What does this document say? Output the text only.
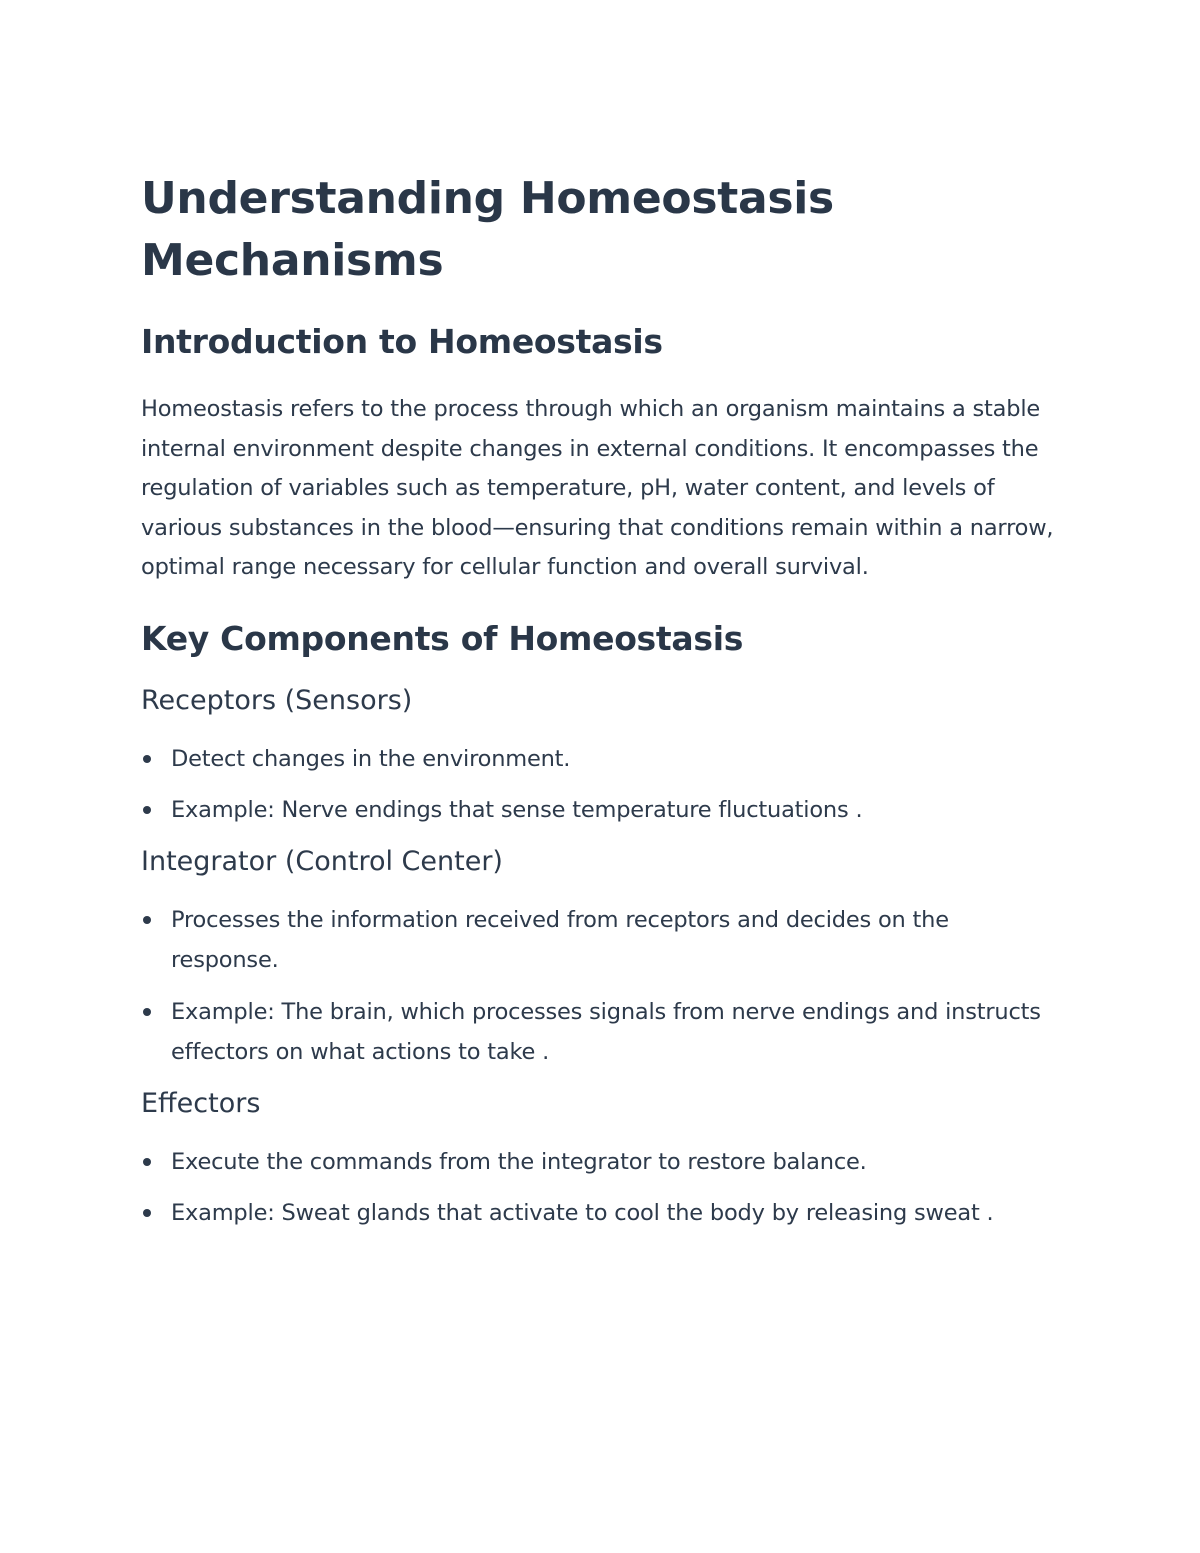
Understanding Homeostasis Mechanisms
Introduction to Homeostasis

Homeostasis refers to the process through which an organism maintains a stable internal environment despite changes in external conditions. It encompasses the regulation of variables such as temperature, pH, water content, and levels of various substances in the blood—ensuring that conditions remain within a narrow, optimal range necessary for cellular function and overall survival.

Key Components of Homeostasis
Receptors (Sensors)
Detect changes in the environment.
Example: Nerve endings that sense temperature fluctuations .
Integrator (Control Center)
Processes the information received from receptors and decides on the response.
Example: The brain, which processes signals from nerve endings and instructs effectors on what actions to take .
Effectors
Execute the commands from the integrator to restore balance.
Example: Sweat glands that activate to cool the body by releasing sweat .
